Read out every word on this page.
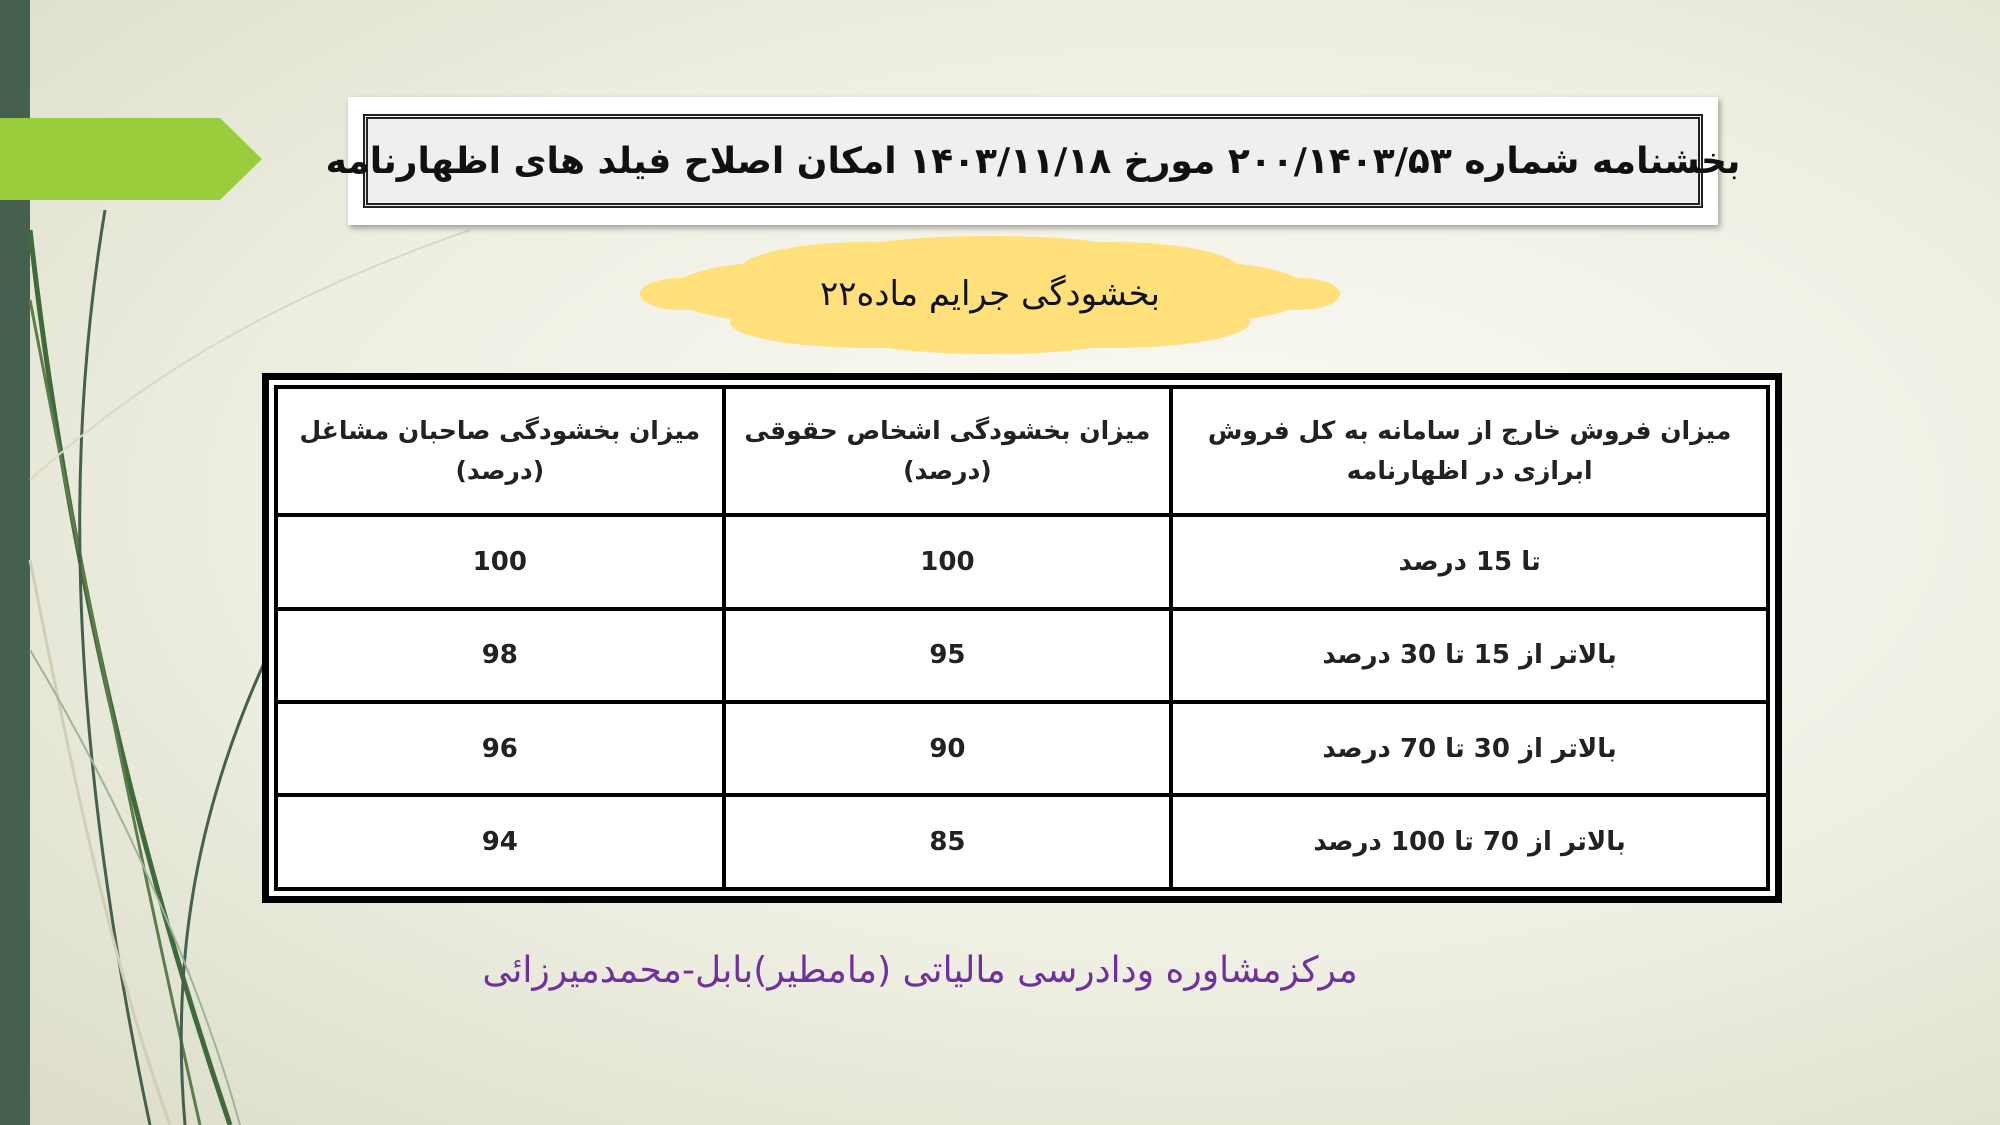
بخشنامه شماره ۲۰۰/۱۴۰۳/۵۳ مورخ ۱۴۰۳/۱۱/۱۸ امکان اصلاح فیلد های اظهارنامه
بخشودگی جرایم ماده۲۲
میزان فروش خارج از سامانه به کل فروش ابرازی در اظهارنامه	میزان بخشودگی اشخاص حقوقی (درصد)	میزان بخشودگی صاحبان مشاغل (درصد)
تا 15 درصد	100	100
بالاتر از 15 تا 30 درصد	95	98
بالاتر از 30 تا 70 درصد	90	96
بالاتر از 70 تا 100 درصد	85	94
مرکزمشاوره ودادرسی مالیاتی (مامطیر)بابل-محمدمیرزائی
